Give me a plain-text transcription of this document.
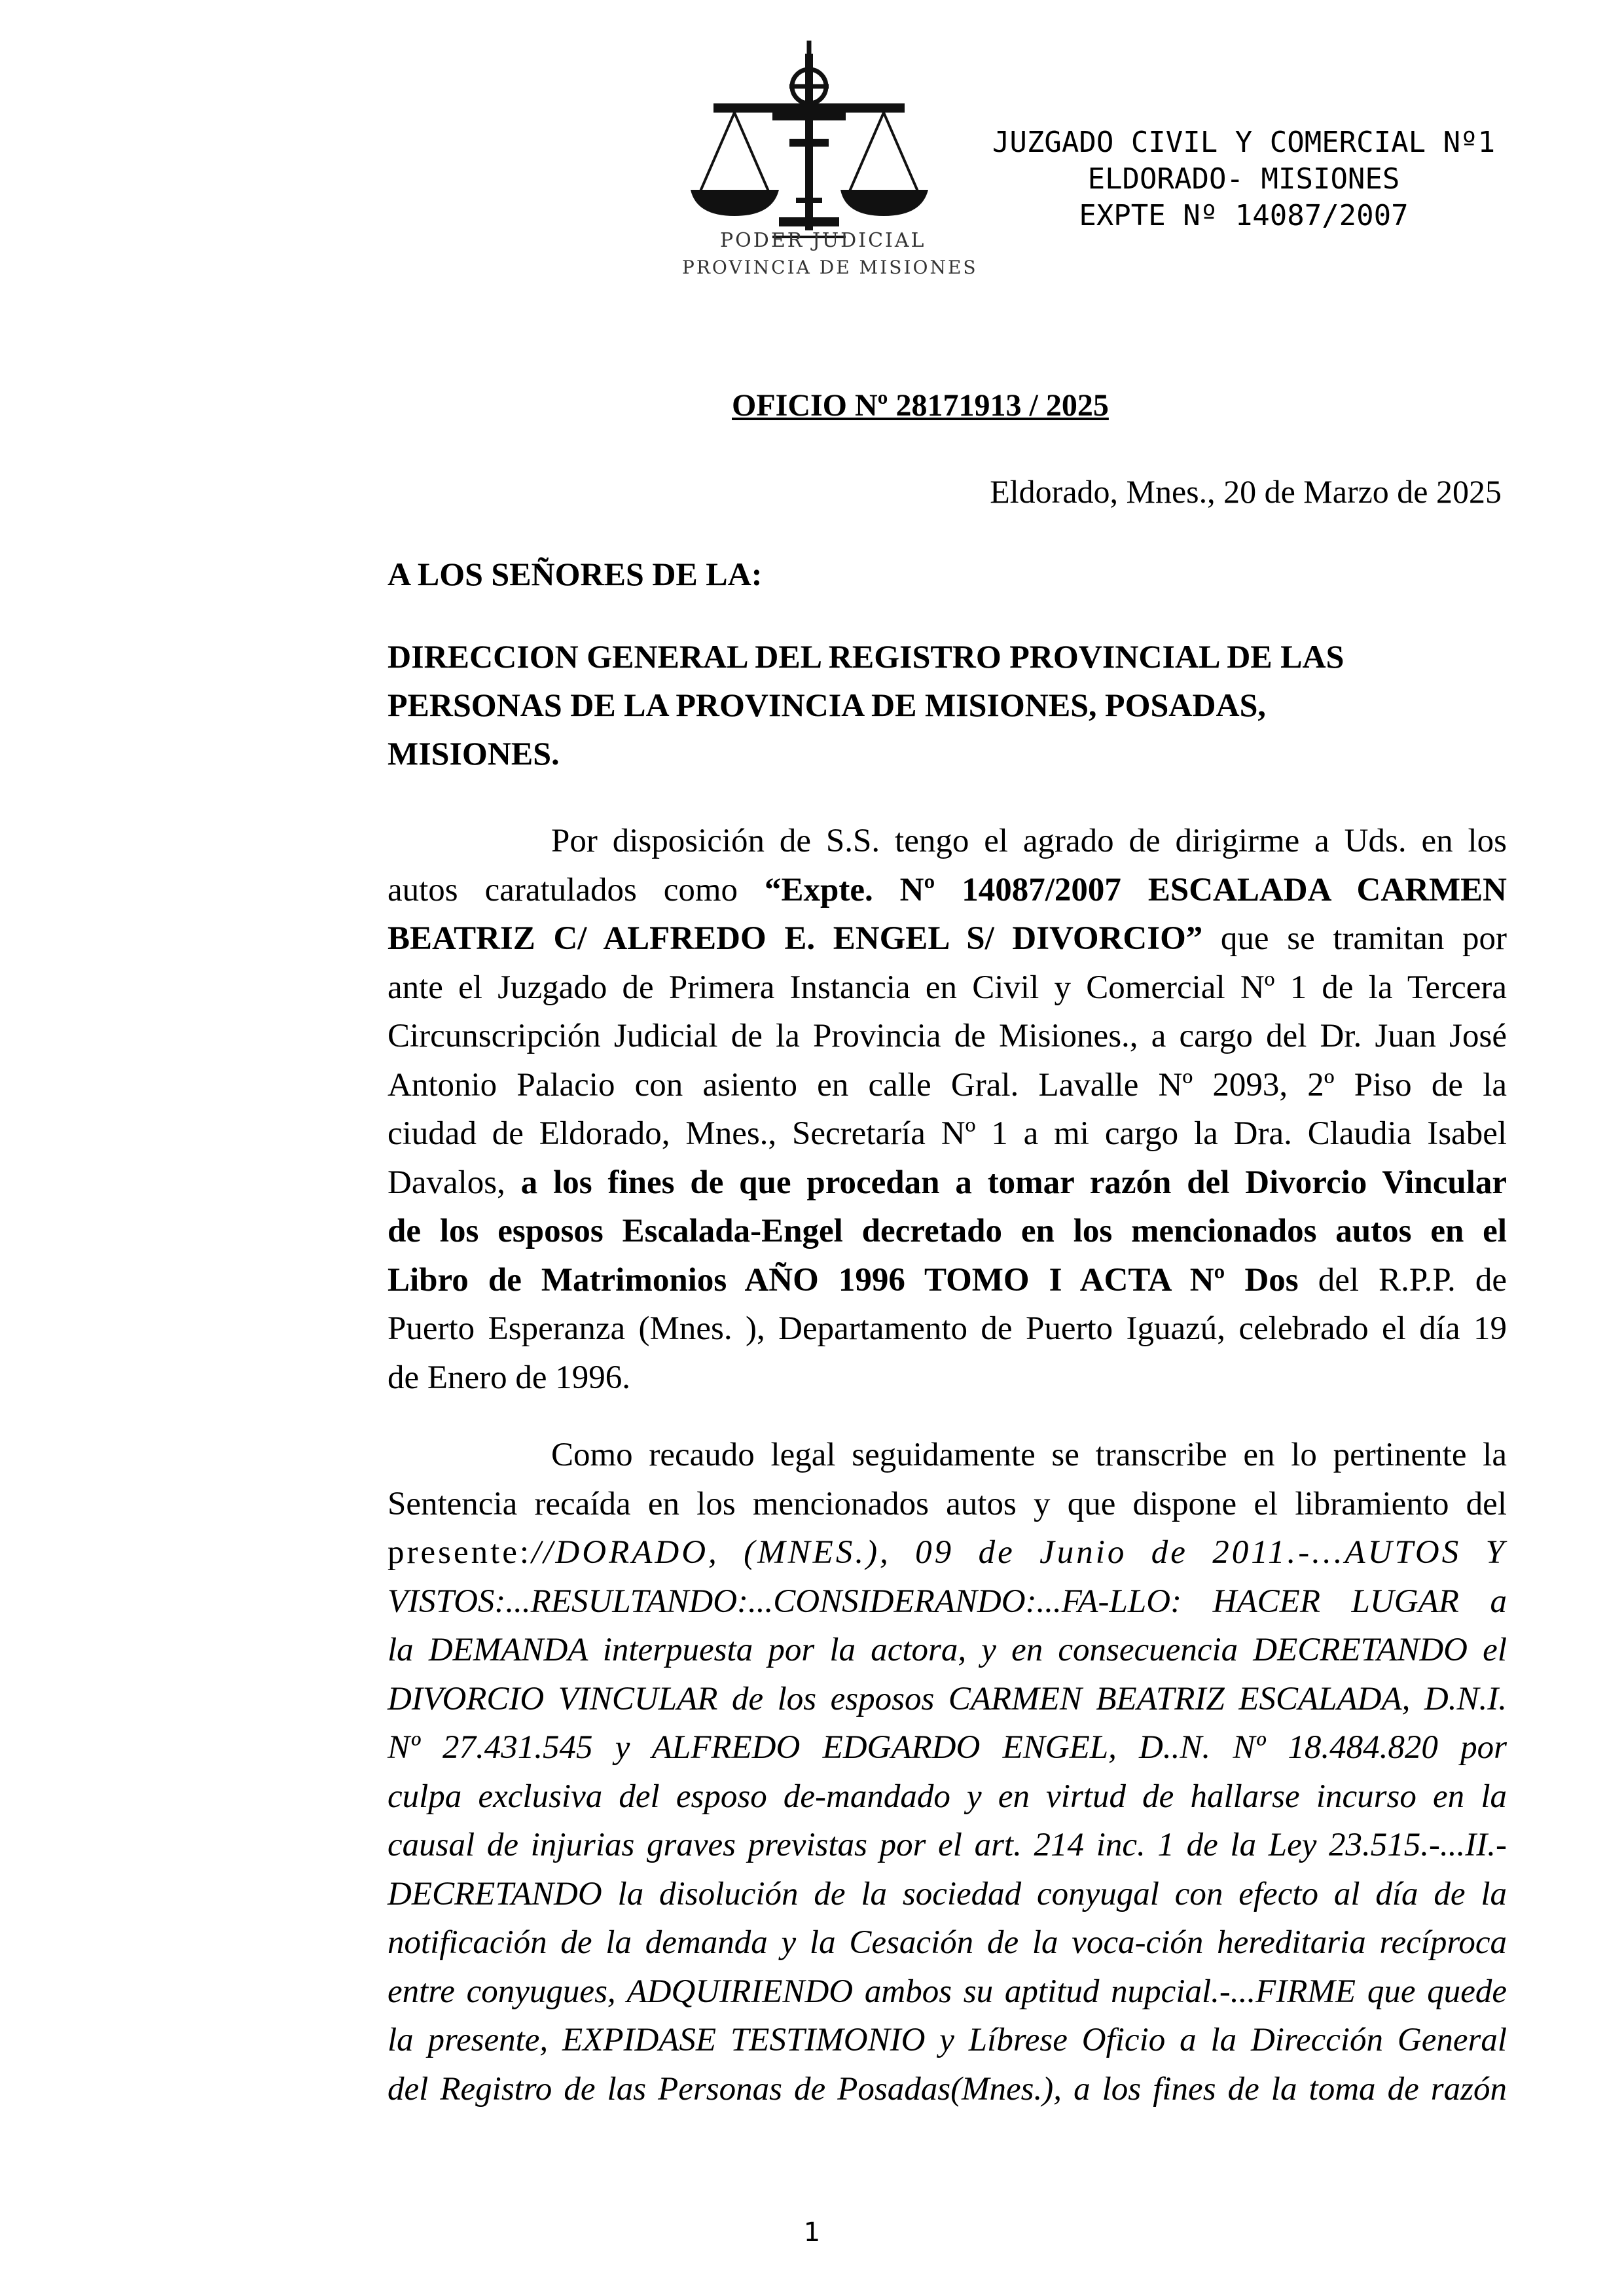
PODER JUDICIAL
PROVINCIA DE MISIONES
JUZGADO CIVIL Y COMERCIAL Nº1
ELDORADO- MISIONES
EXPTE Nº 14087/2007
OFICIO Nº 28171913 / 2025
Eldorado, Mnes., 20 de Marzo de 2025
A LOS SEÑORES DE LA:
DIRECCION GENERAL DEL REGISTRO PROVINCIAL DE LAS
PERSONAS DE LA PROVINCIA DE MISIONES, POSADAS,
MISIONES.
Por disposición de S.S. tengo el agrado de dirigirme a Uds. en los
autos caratulados como “Expte. Nº 14087/2007 ESCALADA CARMEN
BEATRIZ C/ ALFREDO E. ENGEL S/ DIVORCIO” que se tramitan por
ante el Juzgado de Primera Instancia en Civil y Comercial Nº 1 de la Tercera
Circunscripción Judicial de la Provincia de Misiones., a cargo del Dr. Juan José
Antonio Palacio con asiento en calle Gral. Lavalle Nº 2093, 2º Piso de la
ciudad de Eldorado, Mnes., Secretaría Nº 1 a mi cargo la Dra. Claudia Isabel
Davalos, a los fines de que procedan a tomar razón del Divorcio Vincular
de los esposos Escalada-Engel decretado en los mencionados autos en el
Libro de Matrimonios AÑO 1996 TOMO I ACTA Nº Dos del R.P.P. de
Puerto Esperanza (Mnes. ), Departamento de Puerto Iguazú, celebrado el día 19
de Enero de 1996.
Como recaudo legal seguidamente se transcribe en lo pertinente la
Sentencia recaída en los mencionados autos y que dispone el libramiento del
presente://DORADO, (MNES.), 09 de Junio de 2011.-...AUTOS Y
VISTOS:...RESULTANDO:...CONSIDERANDO:...FA-LLO: HACER LUGAR a
la DEMANDA interpuesta por la actora, y en consecuencia DECRETANDO el
DIVORCIO VINCULAR de los esposos CARMEN BEATRIZ ESCALADA, D.N.I.
Nº 27.431.545 y ALFREDO EDGARDO ENGEL, D..N. Nº 18.484.820 por
culpa exclusiva del esposo de-mandado y en virtud de hallarse incurso en la
causal de injurias graves previstas por el art. 214 inc. 1 de la Ley 23.515.-...II.-
DECRETANDO la disolución de la sociedad conyugal con efecto al día de la
notificación de la demanda y la Cesación de la voca-ción hereditaria recíproca
entre conyugues, ADQUIRIENDO ambos su aptitud nupcial.-...FIRME que quede
la presente, EXPIDASE TESTIMONIO y Líbrese Oficio a la Dirección General
del Registro de las Personas de Posadas(Mnes.), a los fines de la toma de razón
1
